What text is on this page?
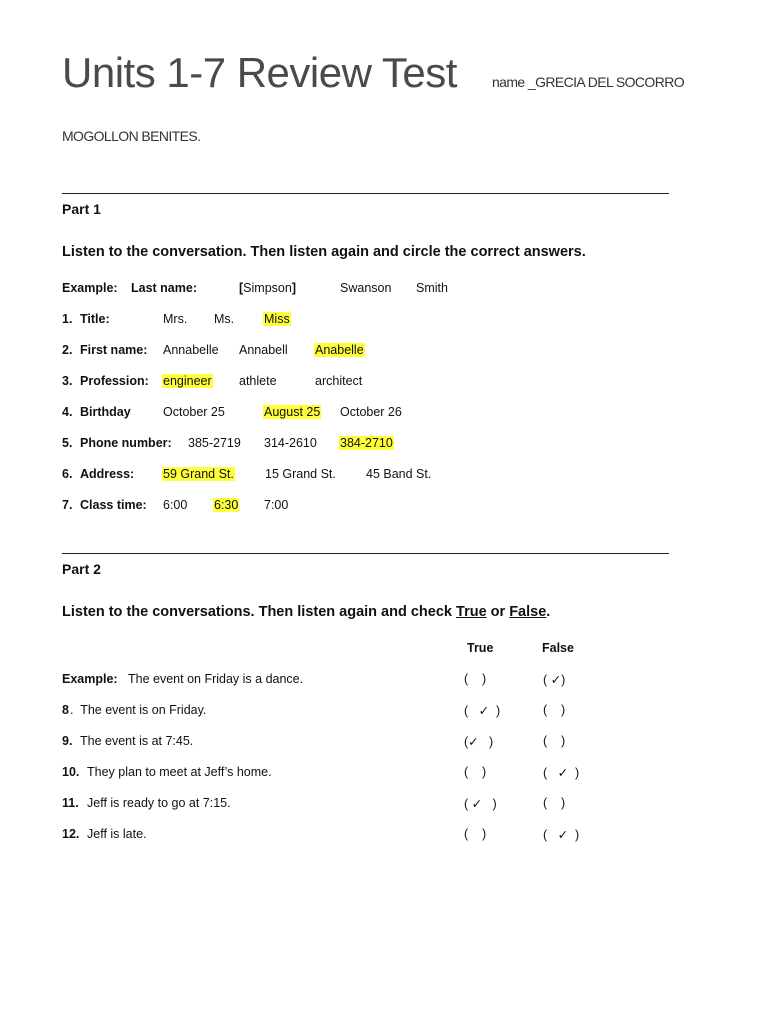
Units 1-7 Review Test	name _GRECIA DEL SOCORRO
MOGOLLON BENITES.
Part 1
Listen to the conversation. Then listen again and circle the correct answers.
Example: Last name:	[Simpson]	Swanson Smith
1. Title:	Mrs. Ms. Miss
2. First name: Annabelle Annabell Anabelle
3. Profession: engineer athlete	architect
4. Birthday	October 25	August 25 October 26
5. Phone number: 385-2719 314-2610 384-2710
6. Address: 59 Grand St. 15 Grand St. 45 Band St.
7. Class time: 6:00 6:30 7:00
Part 2
Listen to the conversations. Then listen again and check True or False.
True	False
Example: The event on Friday is a dance.	(    )	( ✓)
8 .  The event is on Friday.	(   ✓  )	(    )
9. The event is at 7:45.	(✓   )	(    )
10. They plan to meet at Jeff’s home.	(    )	(   ✓  )
11. Jeff is ready to go at 7:15.	( ✓   )	(    )
12. Jeff is late.	(    )	(   ✓  )
